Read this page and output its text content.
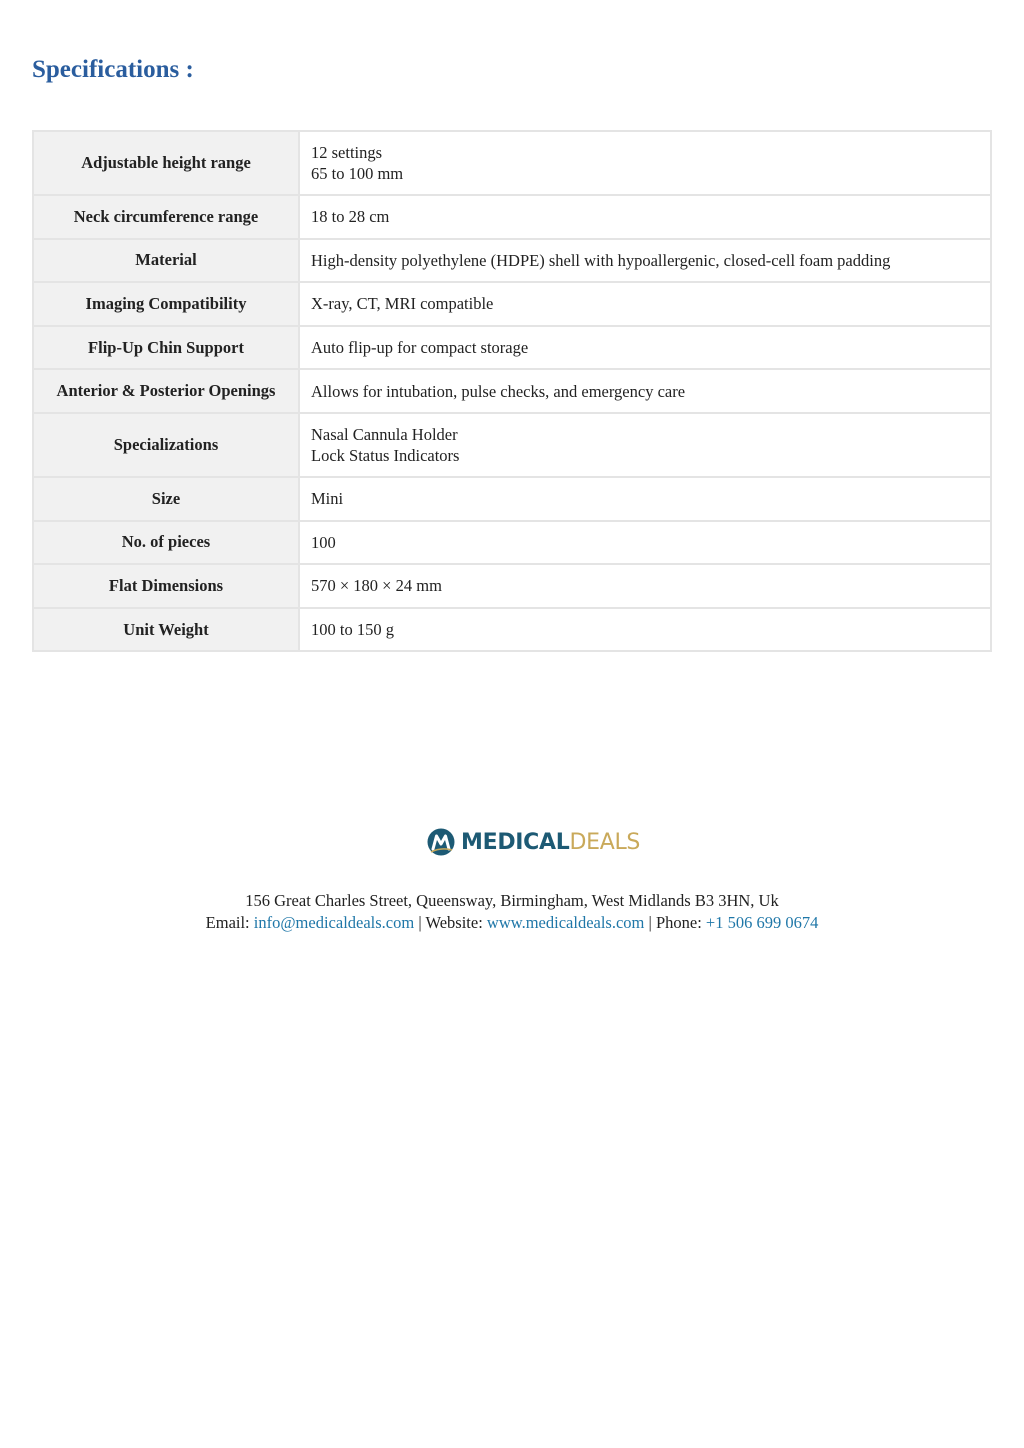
Specifications :
Adjustable height range	12 settings
65 to 100 mm

Neck circumference range	18 to 28 cm

Material	High-density polyethylene (HDPE) shell with hypoallergenic, closed-cell foam padding

Imaging Compatibility	X-ray, CT, MRI compatible

Flip-Up Chin Support	Auto flip-up for compact storage

Anterior & Posterior Openings	Allows for intubation, pulse checks, and emergency care

Specializations	Nasal Cannula Holder
Lock Status Indicators

Size	Mini

No. of pieces	100

Flat Dimensions	570 × 180 × 24 mm

Unit Weight	100 to 150 g
MEDICAL DEALS
156 Great Charles Street, Queensway, Birmingham, West Midlands B3 3HN, Uk
Email: info@medicaldeals.com | Website: www.medicaldeals.com | Phone: +1 506 699 0674
